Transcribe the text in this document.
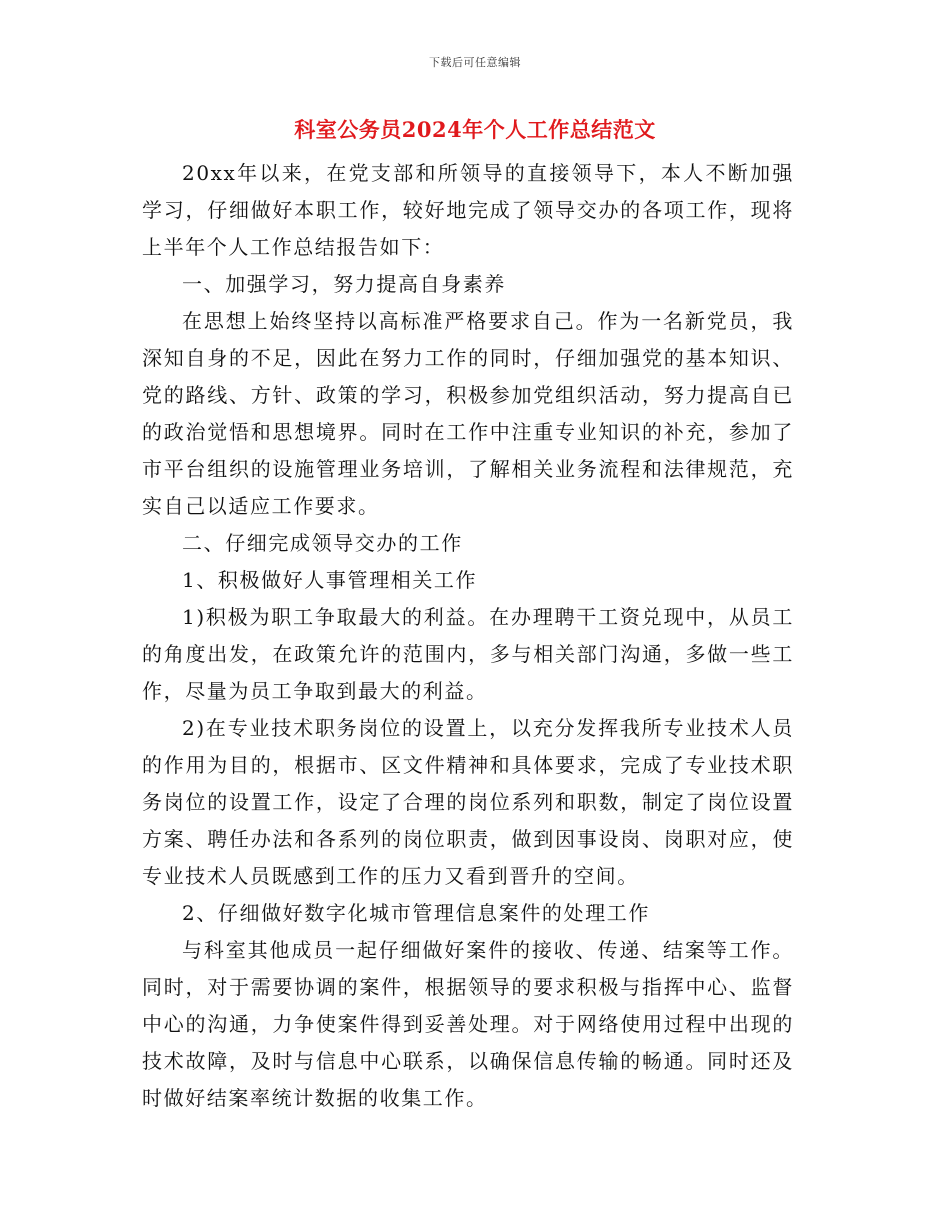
下载后可任意编辑
科室公务员2024年个人工作总结范文

20xx年以来，在党支部和所领导的直接领导下，本人不断加强学习，仔细做好本职工作，较好地完成了领导交办的各项工作，现将上半年个人工作总结报告如下：

一、加强学习，努力提高自身素养

在思想上始终坚持以高标准严格要求自己。作为一名新党员，我深知自身的不足，因此在努力工作的同时，仔细加强党的基本知识、党的路线、方针、政策的学习，积极参加党组织活动，努力提高自已的政治觉悟和思想境界。同时在工作中注重专业知识的补充，参加了市平台组织的设施管理业务培训，了解相关业务流程和法律规范，充实自己以适应工作要求。

二、仔细完成领导交办的工作

1、积极做好人事管理相关工作

1)积极为职工争取最大的利益。在办理聘干工资兑现中，从员工的角度出发，在政策允许的范围内，多与相关部门沟通，多做一些工作，尽量为员工争取到最大的利益。

2)在专业技术职务岗位的设置上，以充分发挥我所专业技术人员的作用为目的，根据市、区文件精神和具体要求，完成了专业技术职务岗位的设置工作，设定了合理的岗位系列和职数，制定了岗位设置方案、聘任办法和各系列的岗位职责，做到因事设岗、岗职对应，使专业技术人员既感到工作的压力又看到晋升的空间。

2、仔细做好数字化城市管理信息案件的处理工作

与科室其他成员一起仔细做好案件的接收、传递、结案等工作。同时，对于需要协调的案件，根据领导的要求积极与指挥中心、监督中心的沟通，力争使案件得到妥善处理。对于网络使用过程中出现的技术故障，及时与信息中心联系，以确保信息传输的畅通。同时还及时做好结案率统计数据的收集工作。
